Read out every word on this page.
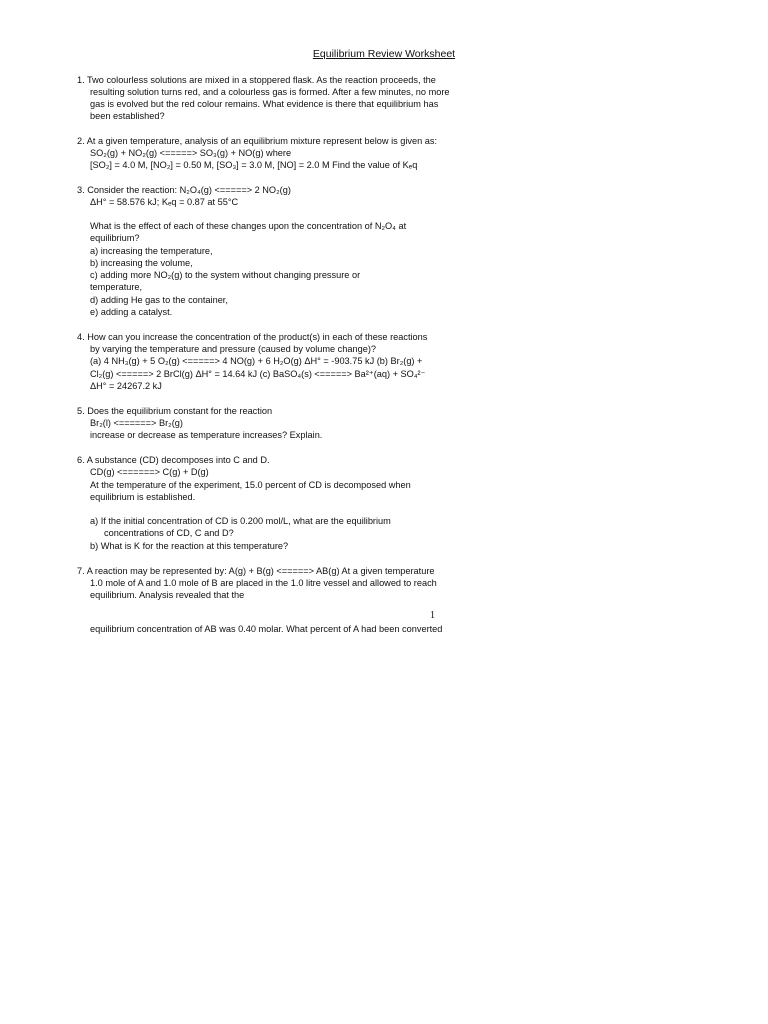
Equilibrium Review Worksheet
1. Two colourless solutions are mixed in a stoppered flask. As the reaction proceeds, the
resulting solution turns red, and a colourless gas is formed. After a few minutes, no more
gas is evolved but the red colour remains. What evidence is there that equilibrium has
been established?
2. At a given temperature, analysis of an equilibrium mixture represent below is given as:
SO₂(g) + NO₂(g) <=====> SO₃(g) + NO(g) where
[SO₂] = 4.0 M, [NO₂] = 0.50 M, [SO₃] = 3.0 M, [NO] = 2.0 M Find the value of Kₑq
3. Consider the reaction: N₂O₄(g) <=====> 2 NO₂(g)
ΔH° = 58.576 kJ; Kₑq = 0.87 at 55°C
What is the effect of each of these changes upon the concentration of N₂O₄ at
equilibrium?
a) increasing the temperature,
b) increasing the volume,
c) adding more NO₂(g) to the system without changing pressure or
temperature,
d) adding He gas to the container,
e) adding a catalyst.
4. How can you increase the concentration of the product(s) in each of these reactions
by varying the temperature and pressure (caused by volume change)?
(a) 4 NH₃(g) + 5 O₂(g) <=====> 4 NO(g) + 6 H₂O(g) ΔH° = -903.75 kJ (b) Br₂(g) +
Cl₂(g) <=====> 2 BrCl(g) ΔH° = 14.64 kJ (c) BaSO₄(s) <=====> Ba²⁺(aq) + SO₄²⁻
ΔH° = 24267.2 kJ
5. Does the equilibrium constant for the reaction
Br₂(l) <======> Br₂(g)
increase or decrease as temperature increases? Explain.
6. A substance (CD) decomposes into C and D.
CD(g) <======> C(g) + D(g)
At the temperature of the experiment, 15.0 percent of CD is decomposed when
equilibrium is established.
a) If the initial concentration of CD is 0.200 mol/L, what are the equilibrium
concentrations of CD, C and D?
b) What is K for the reaction at this temperature?
7. A reaction may be represented by: A(g) + B(g) <=====> AB(g) At a given temperature
1.0 mole of A and 1.0 mole of B are placed in the 1.0 litre vessel and allowed to reach
equilibrium. Analysis revealed that the
1
equilibrium concentration of AB was 0.40 molar. What percent of A had been converted
